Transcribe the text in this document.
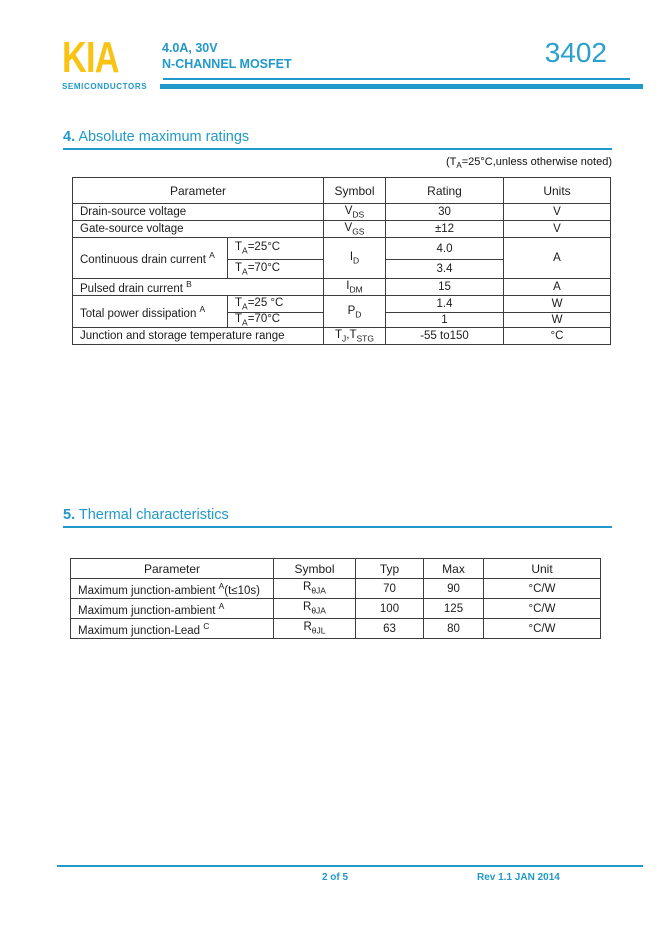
KIA
SEMICONDUCTORS
4.0A, 30V
N-CHANNEL MOSFET	3402
4. Absolute maximum ratings
($T_A=25^\circ C,unless$ otherwise noted)
Parameter		Symbol	Rating	Units
Drain-source voltage		$V_{DS}$	30	V
Gate-source voltage		$V_{GS}$	±12	V
Continuous drain current $^A$	$T_A=25^\circ C$	$I_D$	4.0	A
	$T_A=70^\circ C$		3.4	
Pulsed drain current $^B$		$I_{DM}$	15	A
Total power dissipation $^A$	$T_A=25$ °C	$P_D$	1.4	W
	$T_A=70^\circ C$		1	W
Junction and storage temperature range		$T_J,T_{STG}$	-55 to150	°C
5. Thermal characteristics
Parameter	Symbol	Typ	Max	Unit
Maximum junction-ambient $^A$(t≤10s)	$R_{\theta JA}$	70	90	°C/W
Maximum junction-ambient $^A$	$R_{\theta JA}$	100	125	°C/W
Maximum junction-Lead $^C$	$R_{\theta JL}$	63	80	°C/W
2 of 5	Rev 1.1 JAN 2014
